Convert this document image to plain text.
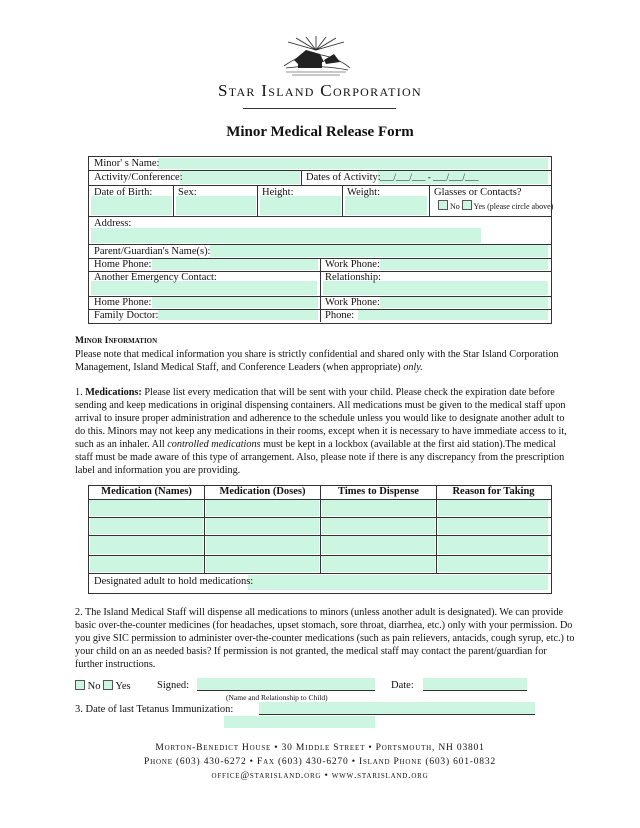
Star Island Corporation
Minor Medical Release Form
Minor' s Name:
Activity/Conference:	Dates of Activity: ___/___/___ - ___/___/___
Date of Birth: Sex:	Height:	Weight:	Glasses or Contacts?
No Yes (please circle above)
Address:
Parent/Guardian's Name(s):
Home Phone:	Work Phone:
Another Emergency Contact:	Relationship:
Home Phone:	Work Phone:
Family Doctor:	Phone:
Minor Information
Please note that medical information you share is strictly confidential and shared only with the Star Island Corporation Management, Island Medical Staff, and Conference Leaders (when appropriate) only.
1. Medications: Please list every medication that will be sent with your child. Please check the expiration date before sending and keep medications in original dispensing containers. All medications must be given to the medical staff upon arrival to insure proper administration and adherence to the schedule unless you would like to designate another adult to do this. Minors may not keep any medications in their rooms, except when it is necessary to have immediate access to it, such as an inhaler. All controlled medications must be kept in a lockbox (available at the first aid station).The medical staff must be made aware of this type of arrangement. Also, please note if there is any discrepancy from the prescription label and information you are providing.
Medication (Names)	Medication (Doses)	Times to Dispense	Reason for Taking
Designated adult to hold medications:
2. The Island Medical Staff will dispense all medications to minors (unless another adult is designated). We can provide basic over-the-counter medicines (for headaches, upset stomach, sore throat, diarrhea, etc.) only with your permission. Do you give SIC permission to administer over-the-counter medications (such as pain relievers, antacids, cough syrup, etc.) to your child on an as needed basis? If permission is not granted, the medical staff may contact the parent/guardian for further instructions.
No Yes	Signed:	Date:
(Name and Relationship to Child)
3. Date of last Tetanus Immunization:
Morton-Benedict House • 30 Middle Street • Portsmouth, NH 03801
Phone (603) 430-6272 • Fax (603) 430-6270 • Island Phone (603) 601-0832
office@starisland.org • www.starisland.org
